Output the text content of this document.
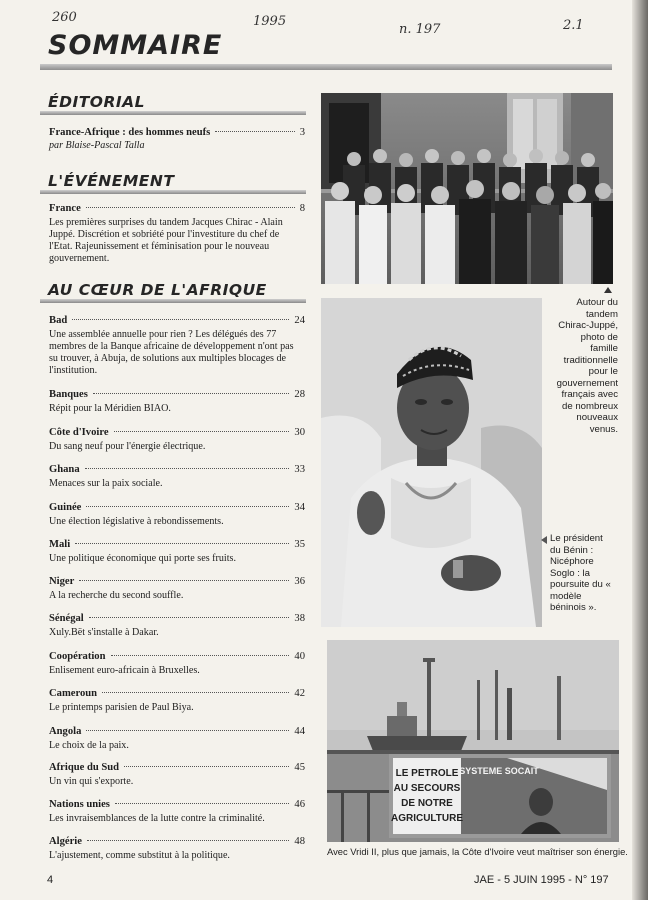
260	1995
n. 197	2.1
SOMMAIRE
ÉDITORIAL
France-Afrique : des hommes neufs	3
par Blaise-Pascal Talla
L'ÉVÉNEMENT
France	8
Les premières surprises du tandem Jacques Chirac - Alain Juppé. Discrétion et sobriété pour l'investiture du chef de l'Etat. Rajeunissement et féminisation pour le nouveau gouvernement.
AU CŒUR DE L'AFRIQUE
Bad	24
Une assemblée annuelle pour rien ? Les délégués des 77 membres de la Banque africaine de développement n'ont pas su trouver, à Abuja, de solutions aux multiples blocages de l'institution.
Banques	28
Répit pour la Méridien BIAO.
Côte d'Ivoire	30
Du sang neuf pour l'énergie électrique.
Ghana	33
Menaces sur la paix sociale.
Guinée	34
Une élection législative à rebondissements.
Mali	35
Une politique économique qui porte ses fruits.
Niger	36
A la recherche du second souffle.
Sénégal	38
Xuly.Bët s'installe à Dakar.
Coopération	40
Enlisement euro-africain à Bruxelles.
Cameroun	42
Le printemps parisien de Paul Biya.
Angola	44
Le choix de la paix.
Afrique du Sud	45
Un vin qui s'exporte.
Nations unies	46
Les invraisemblances de la lutte contre la criminalité.
Algérie	48
L'ajustement, comme substitut à la politique.
Autour du tandem Chirac-Juppé, photo de famille traditionnelle pour le gouvernement français avec de nombreux nouveaux venus.
Le président du Bénin : Nicéphore Soglo : la poursuite du « modèle béninois ».
LE PETROLE
AU SECOURS
DE NOTRE
AGRICULTURE
SYSTEME SOCAIT
Avec Vridi II, plus que jamais, la Côte d'Ivoire veut maîtriser son énergie.
4	JAE - 5 JUIN 1995 - N° 197
